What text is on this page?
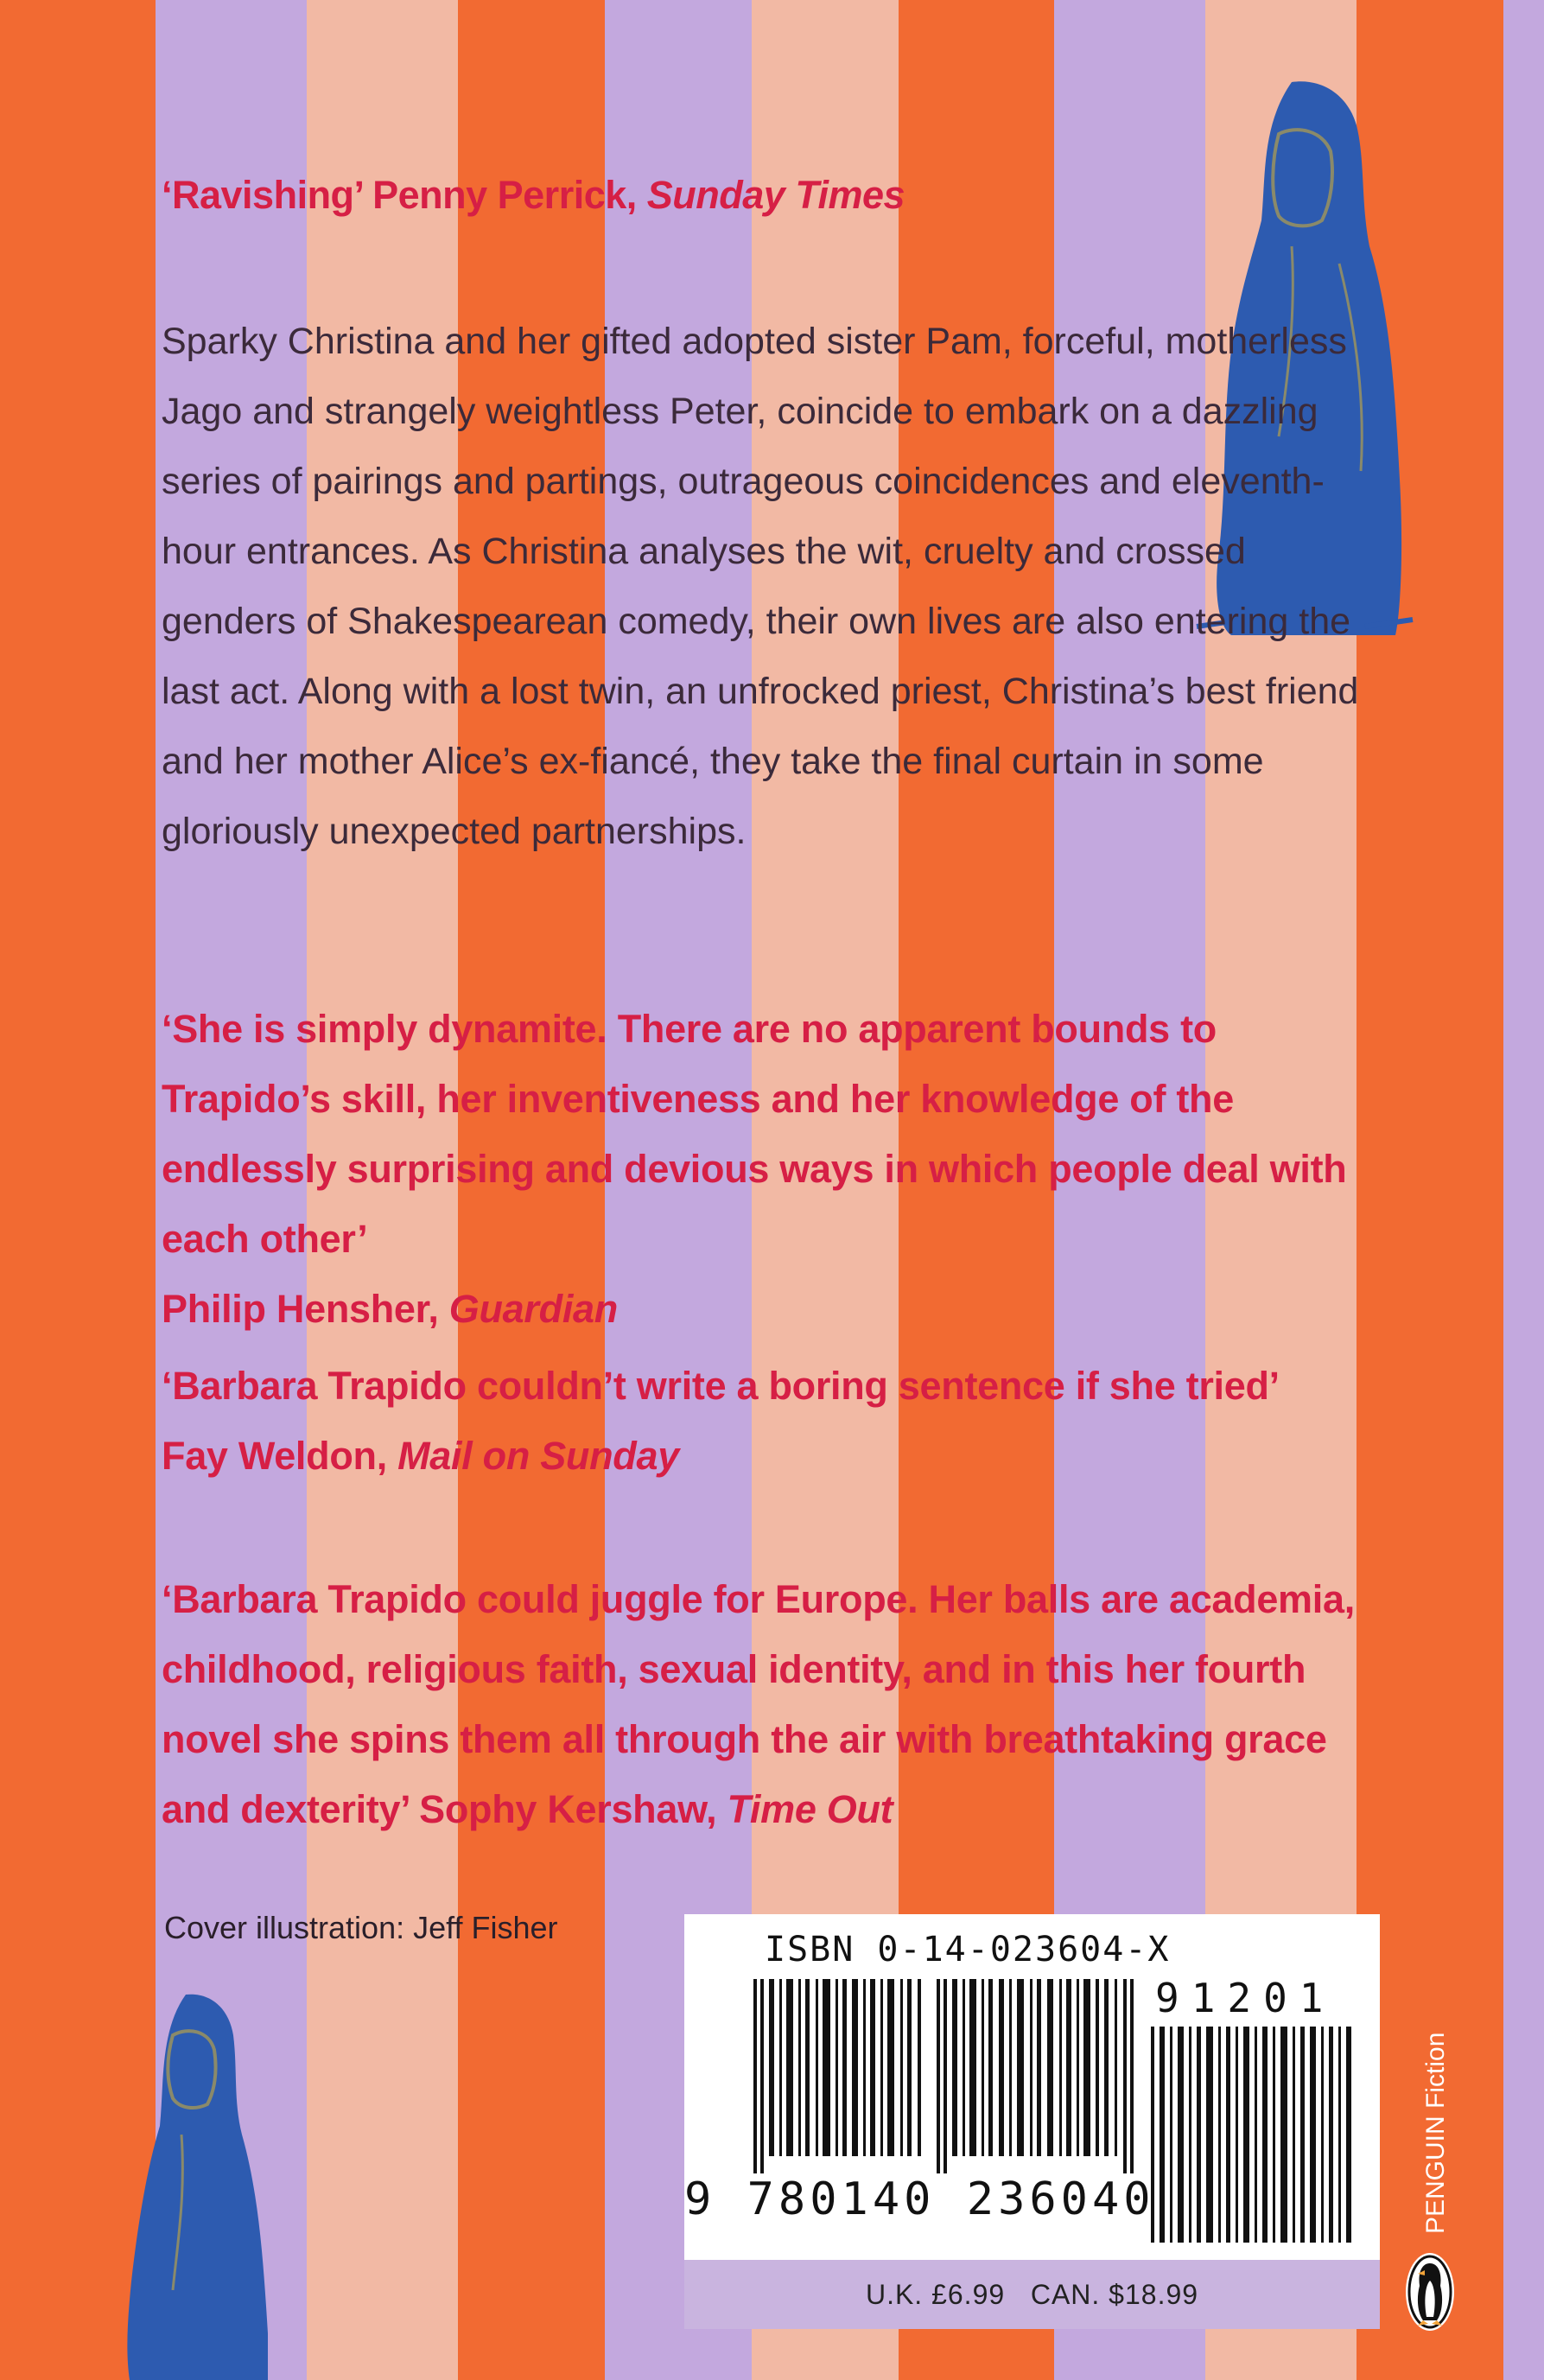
‘Ravishing’ Penny Perrick, Sunday Times
Sparky Christina and her gifted adopted sister Pam, forceful, motherless Jago and strangely weightless Peter, coincide to embark on a dazzling series of pairings and partings, outrageous coincidences and eleventh-hour entrances. As Christina analyses the wit, cruelty and crossed genders of Shakespearean comedy, their own lives are also entering the last act. Along with a lost twin, an unfrocked priest, Christina’s best friend and her mother Alice’s ex-fiancé, they take the final curtain in some gloriously unexpected partnerships.
‘She is simply dynamite. There are no apparent bounds to Trapido’s skill, her inventiveness and her knowledge of the endlessly surprising and devious ways in which people deal with each other’
Philip Hensher, Guardian
‘Barbara Trapido couldn’t write a boring sentence if she tried’
Fay Weldon, Mail on Sunday
‘Barbara Trapido could juggle for Europe. Her balls are academia, childhood, religious faith, sexual identity, and in this her fourth novel she spins them all through the air with breathtaking grace and dexterity’ Sophy Kershaw, Time Out
Cover illustration: Jeff Fisher
ISBN 0-14-023604-X
91201
9 780140 236040
U.K. £6.99   CAN. $18.99
PENGUIN Fiction
